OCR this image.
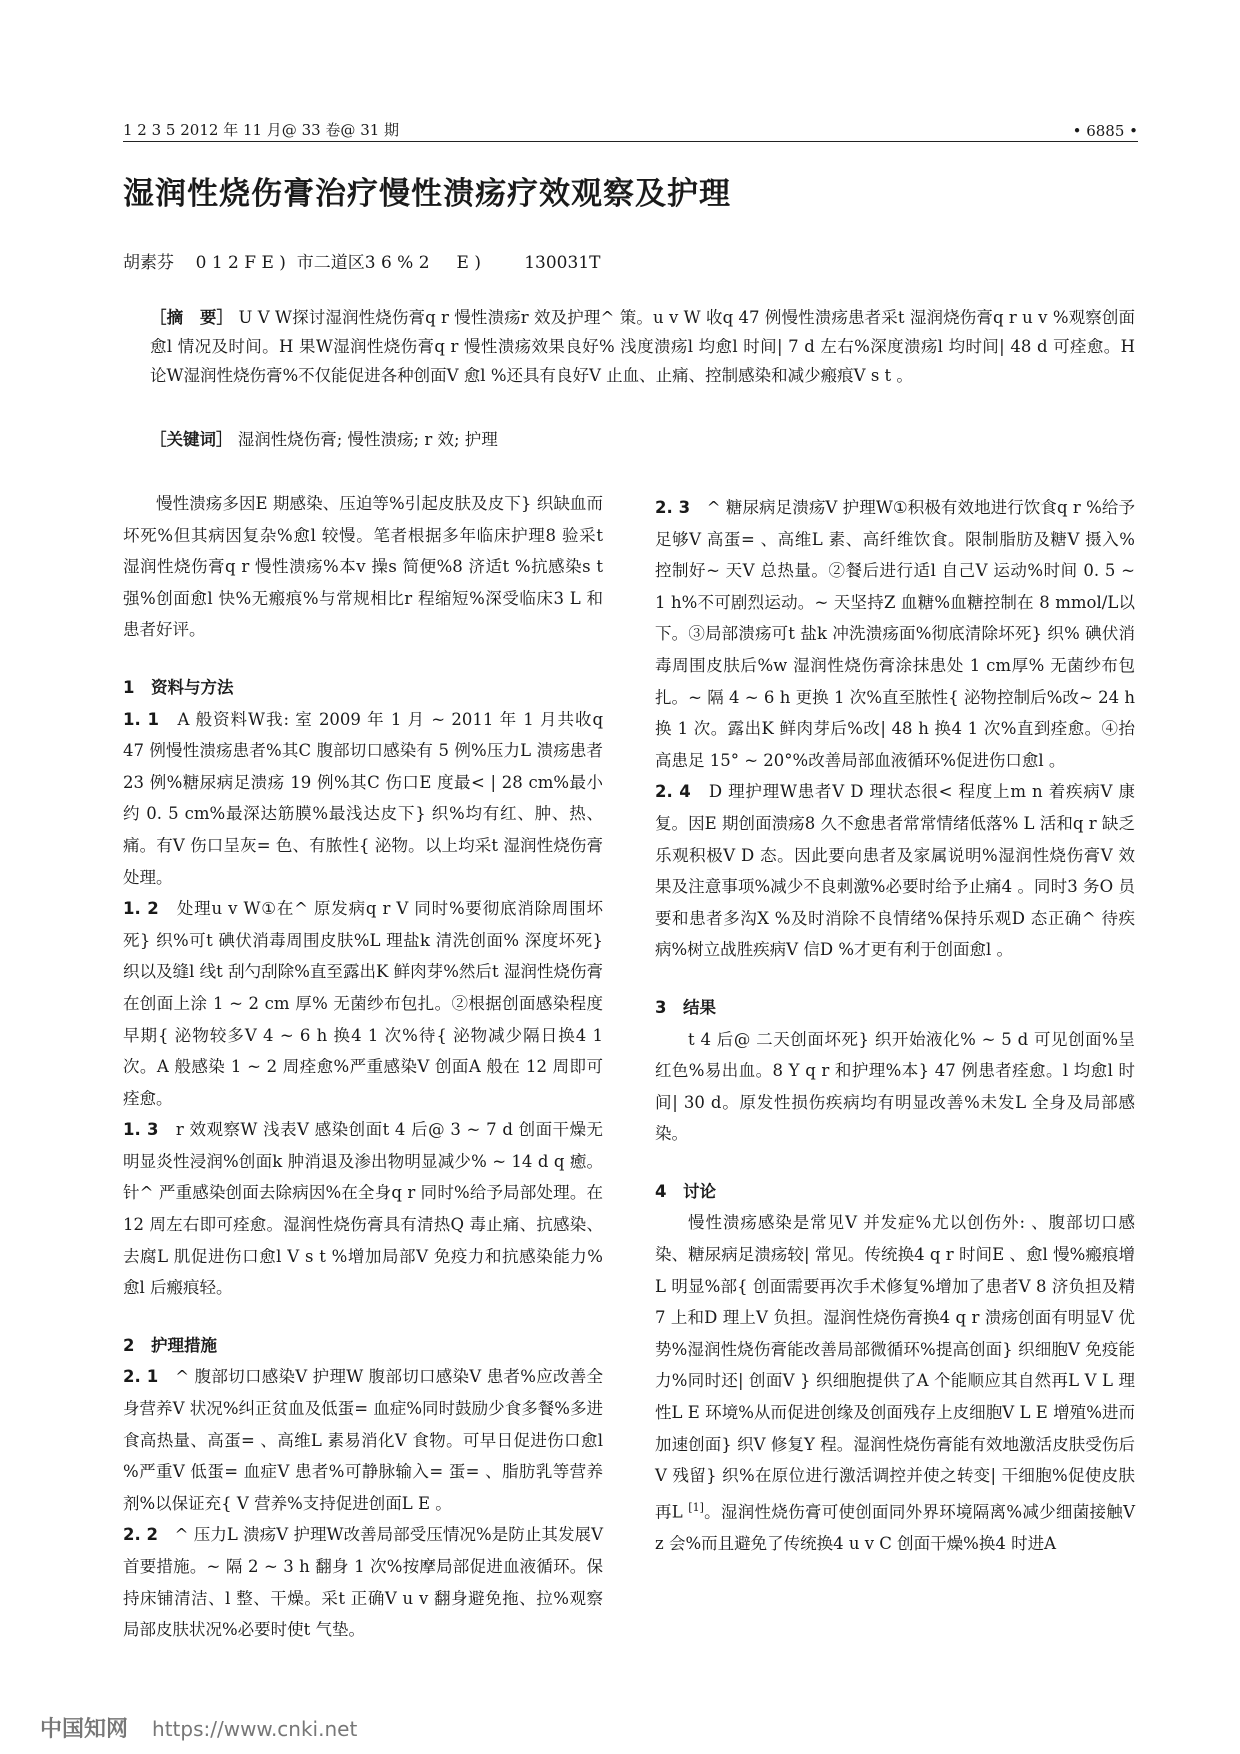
1 2 3 5 2012 年 11 月@ 33 卷@ 31 期	• 6885 •
湿润性烧伤膏治疗慢性溃疡疗效观察及护理
胡素芬    0 1 2 F E )  市二道区3 6 % 2     E )        130031T

［摘　要］ U V W探讨湿润性烧伤膏q r 慢性溃疡r 效及护理^ 策。u v W 收q 47 例慢性溃疡患者采t 湿润烧伤膏q r u v %观察创面愈l 情况及时间。H 果W湿润性烧伤膏q r 慢性溃疡效果良好% 浅度溃疡l 均愈l 时间| 7 d 左右%深度溃疡l 均时间| 48 d 可痊愈。H 论W湿润性烧伤膏%不仅能促进各种创面V 愈l %还具有良好V 止血、止痛、控制感染和减少瘢痕V s t 。

［关键词］ 湿润性烧伤膏; 慢性溃疡; r 效; 护理

慢性溃疡多因E 期感染、压迫等%引起皮肤及皮下} 织缺血而坏死%但其病因复杂%愈l 较慢。笔者根据多年临床护理8 验采t 湿润性烧伤膏q r 慢性溃疡%本v 操s 简便%8 济适t %抗感染s t 强%创面愈l 快%无瘢痕%与常规相比r 程缩短%深受临床3 L 和患者好评。

1　资料与方法

1. 1　 A 般资料W我: 室 2009 年 1 月 ~ 2011 年 1 月共收q 47 例慢性溃疡患者%其C 腹部切口感染有 5 例%压力L 溃疡患者 23 例%糖尿病足溃疡 19 例%其C 伤口E 度最< | 28 cm%最小约 0. 5 cm%最深达筋膜%最浅达皮下} 织%均有红、肿、热、痛。有V 伤口呈灰= 色、有脓性{ 泌物。以上均采t 湿润性烧伤膏处理。

1. 2　 处理u v W①在^ 原发病q r V 同时%要彻底消除周围坏死} 织%可t 碘伏消毒周围皮肤%L 理盐k 清洗创面% 深度坏死} 织以及缝l 线t 刮勺刮除%直至露出K 鲜肉芽%然后t 湿润性烧伤膏在创面上涂 1 ~ 2 cm 厚% 无菌纱布包扎。②根据创面感染程度早期{ 泌物较多V 4 ~ 6 h 换4 1 次%待{ 泌物减少隔日换4 1 次。A 般感染 1 ~ 2 周痊愈%严重感染V 创面A 般在 12 周即可痊愈。

1. 3　 r 效观察W 浅表V 感染创面t 4 后@ 3 ~ 7 d 创面干燥无明显炎性浸润%创面k 肿消退及渗出物明显减少% ~ 14 d q 癒。针^ 严重感染创面去除病因%在全身q r 同时%给予局部处理。在 12 周左右即可痊愈。湿润性烧伤膏具有清热Q 毒止痛、抗感染、去腐L 肌促进伤口愈l V s t %增加局部V 免疫力和抗感染能力%愈l 后瘢痕轻。

2　护理措施

2. 1　 ^ 腹部切口感染V 护理W 腹部切口感染V 患者%应改善全身营养V 状况%纠正贫血及低蛋= 血症%同时鼓励少食多餐%多进食高热量、高蛋= 、高维L 素易消化V 食物。可早日促进伤口愈l %严重V 低蛋= 血症V 患者%可静脉输入= 蛋= 、脂肪乳等营养剂%以保证充{ V 营养%支持促进创面L E 。

2. 2　 ^ 压力L 溃疡V 护理W改善局部受压情况%是防止其发展V 首要措施。~ 隔 2 ~ 3 h 翻身 1 次%按摩局部促进血液循环。保持床铺清洁、l 整、干燥。采t 正确V u v 翻身避免拖、拉%观察局部皮肤状况%必要时使t 气垫。

2. 3　 ^ 糖尿病足溃疡V 护理W①积极有效地进行饮食q r %给予足够V 高蛋= 、高维L 素、高纤维饮食。限制脂肪及糖V 摄入%控制好~ 天V 总热量。②餐后进行适l 自己V 运动%时间 0. 5 ~ 1 h%不可剧烈运动。~ 天坚持Z 血糖%血糖控制在 8 mmol/L以下。③局部溃疡可t 盐k 冲洗溃疡面%彻底清除坏死} 织% 碘伏消毒周围皮肤后%w 湿润性烧伤膏涂抹患处 1 cm厚% 无菌纱布包扎。~ 隔 4 ~ 6 h 更换 1 次%直至脓性{ 泌物控制后%改~ 24 h 换 1 次。露出K 鲜肉芽后%改| 48 h 换4 1 次%直到痊愈。④抬高患足 15° ~ 20°%改善局部血液循环%促进伤口愈l 。

2. 4　 D 理护理W患者V D 理状态很< 程度上m n 着疾病V 康复。因E 期创面溃疡8 久不愈患者常常情绪低落% L 活和q r 缺乏乐观积极V D 态。因此要向患者及家属说明%湿润性烧伤膏V 效果及注意事项%减少不良刺激%必要时给予止痛4 。同时3 务O 员要和患者多沟X %及时消除不良情绪%保持乐观D 态正确^ 待疾病%树立战胜疾病V 信D %才更有利于创面愈l 。

3　结果

t 4 后@ 二天创面坏死} 织开始液化% ~ 5 d 可见创面%呈红色%易出血。8 Y q r 和护理%本} 47 例患者痊愈。l 均愈l 时间| 30 d。原发性损伤疾病均有明显改善%未发L 全身及局部感染。

4　讨论

慢性溃疡感染是常见V 并发症%尤以创伤外: 、腹部切口感染、糖尿病足溃疡较| 常见。传统换4 q r 时间E 、愈l 慢%瘢痕增L 明显%部{ 创面需要再次手术修复%增加了患者V 8 济负担及精7 上和D 理上V 负担。湿润性烧伤膏换4 q r 溃疡创面有明显V 优势%湿润性烧伤膏能改善局部微循环%提高创面} 织细胞V 免疫能力%同时还| 创面V } 织细胞提供了A 个能顺应其自然再L V L 理性L E 环境%从而促进创缘及创面残存上皮细胞V L E 增殖%进而加速创面} 织V 修复Y 程。湿润性烧伤膏能有效地激活皮肤受伤后V 残留} 织%在原位进行激活调控并使之转变| 干细胞%促使皮肤再L [1]。湿润性烧伤膏可使创面同外界环境隔离%减少细菌接触V z 会%而且避免了传统换4 u v C 创面干燥%换4 时进A

中国知网 https://www.cnki.net
